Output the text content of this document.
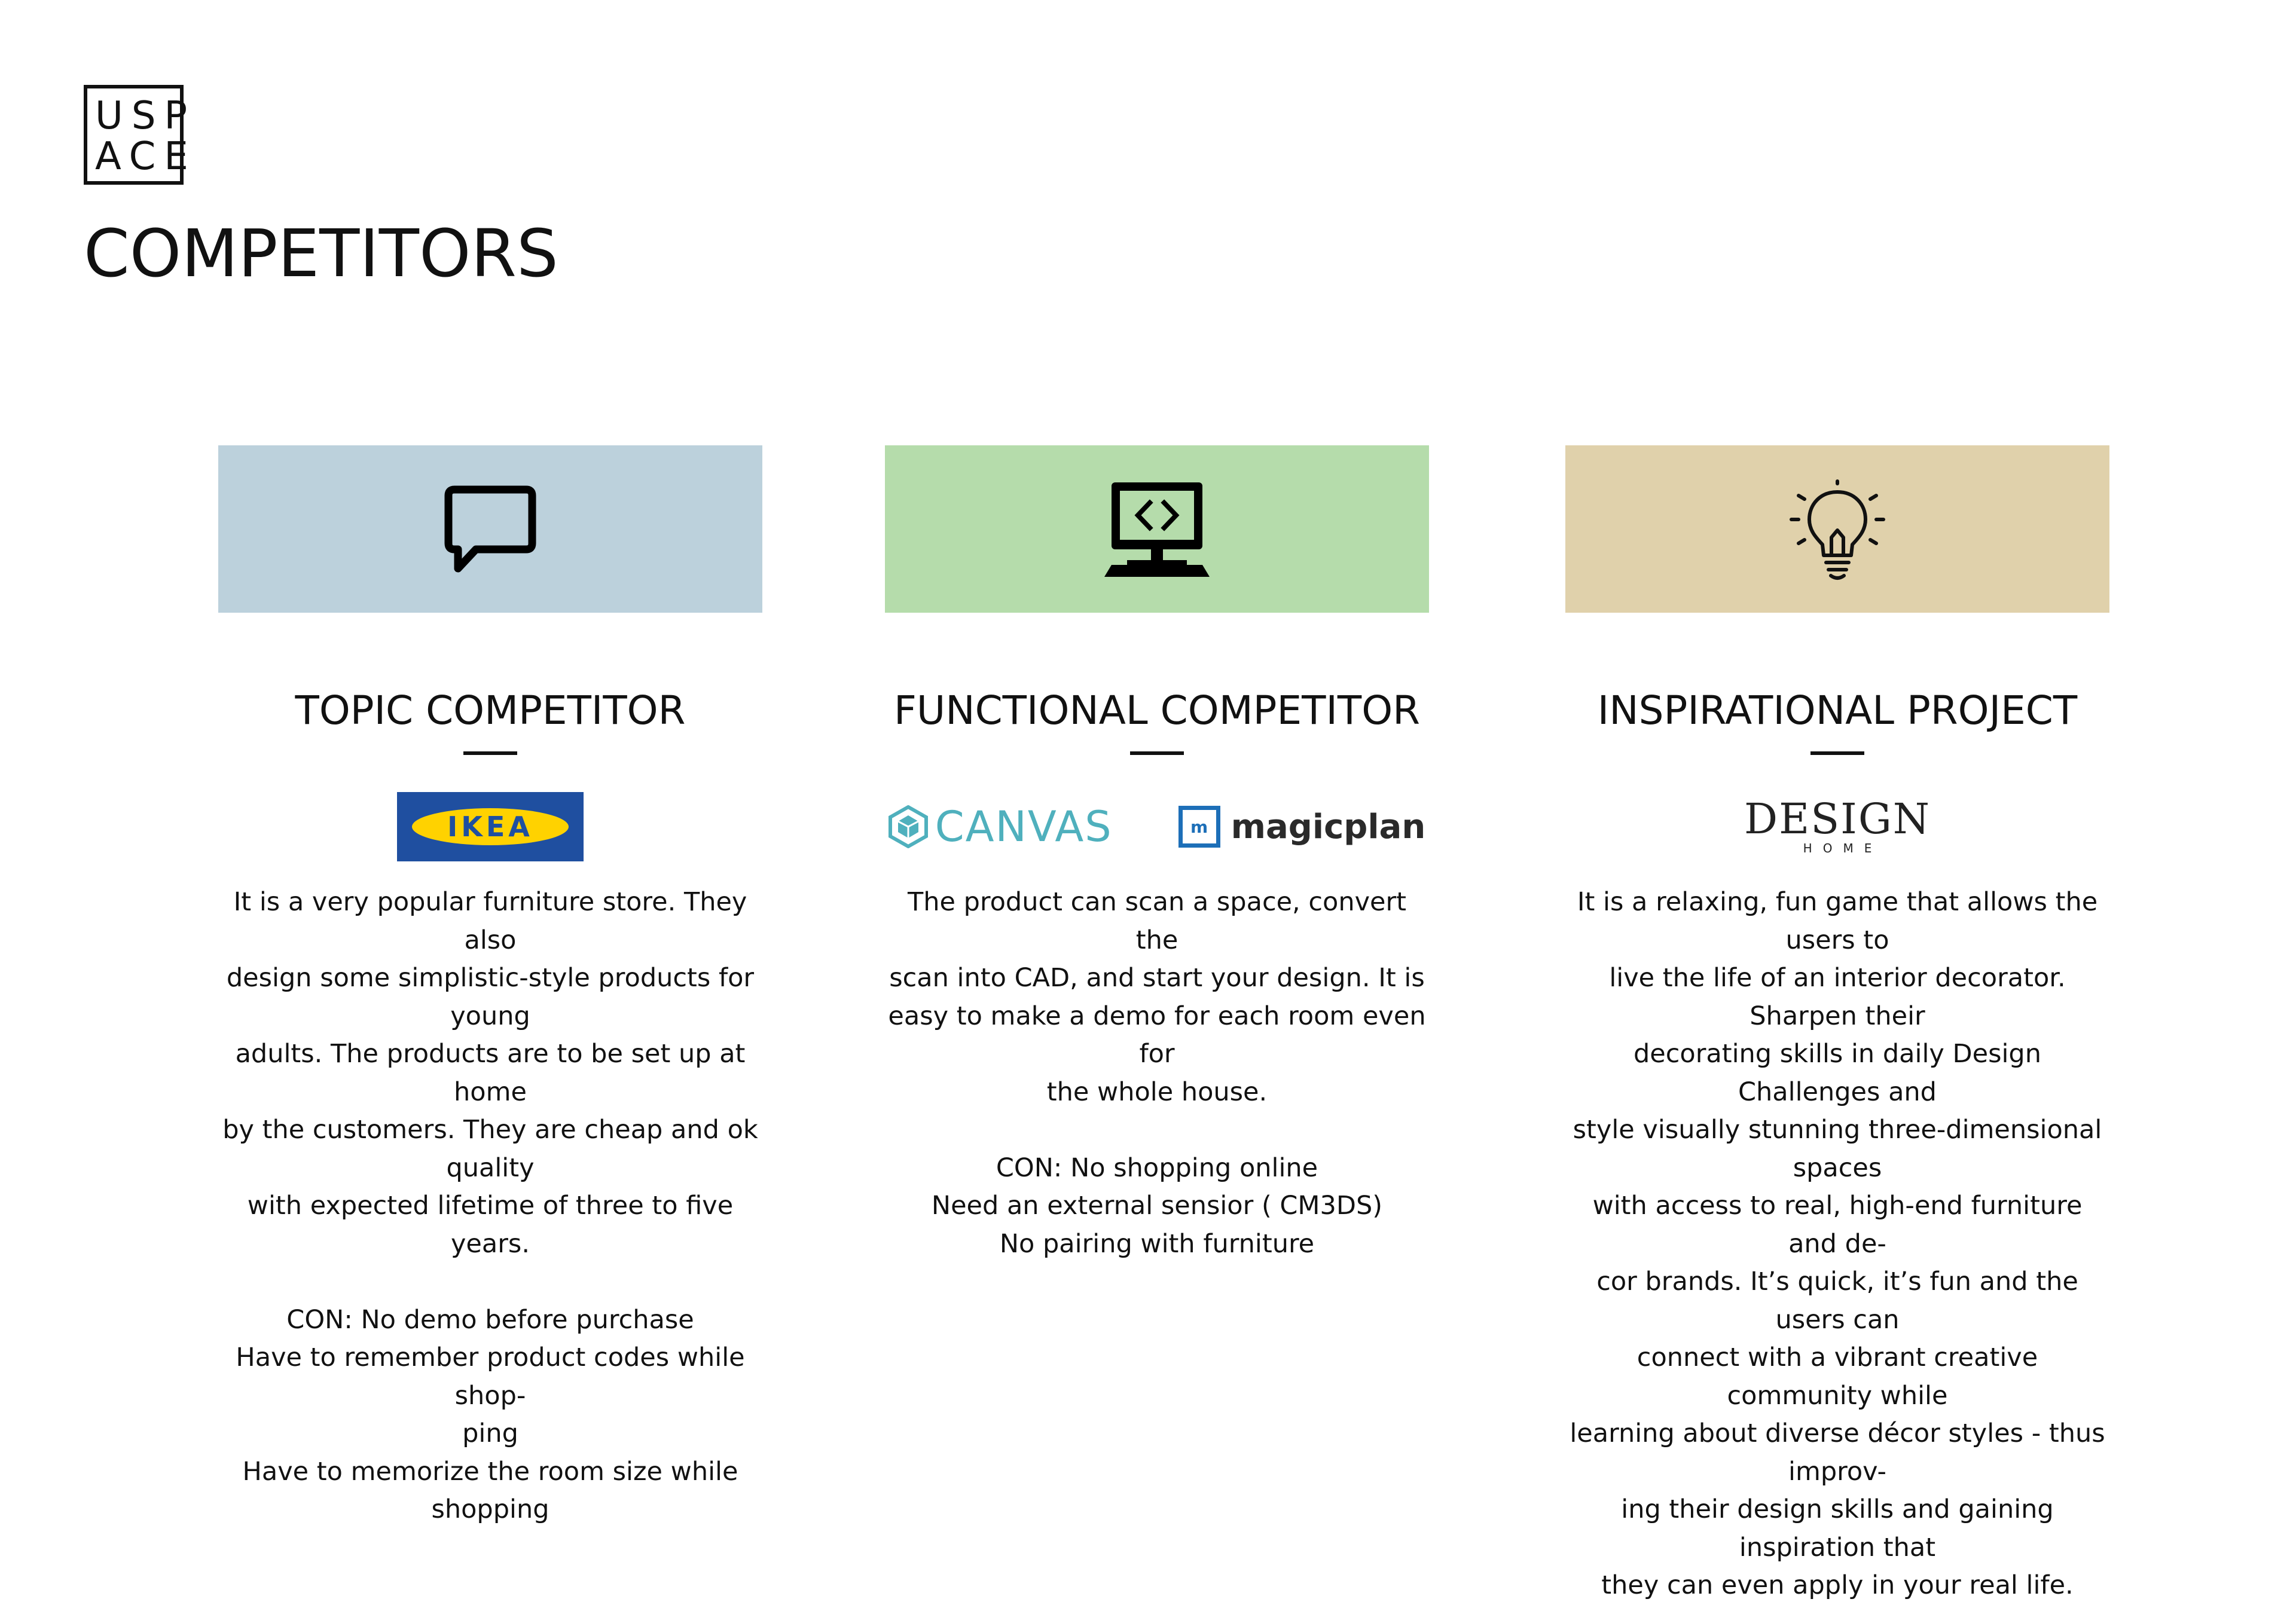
USP
ACE
COMPETITORS
TOPIC COMPETITOR
IKEA

It is a very popular furniture store. They also

design some simplistic-style products for young

adults. The products are to be set up at home

by the customers. They are cheap and ok quality

with expected lifetime of three to five years.

CON: No demo before purchase

Have to remember product codes while shop-

ping

Have to memorize the room size while shopping

FUNCTIONAL COMPETITOR
CANVAS	m magicplan

The product can scan a space, convert the

scan into CAD, and start your design. It is

easy to make a demo for each room even for

the whole house.

CON: No shopping online

Need an external sensior ( CM3DS)

No pairing with furniture

INSPIRATIONAL PROJECT
DESIGN
HOME

It is a relaxing, fun game that allows the users to

live the life of an interior decorator. Sharpen their

decorating skills in daily Design Challenges and

style visually stunning three-dimensional spaces

with access to real, high-end furniture and de-

cor brands. It’s quick, it’s fun and the users can

connect with a vibrant creative community while

learning about diverse décor styles - thus improv-

ing their design skills and gaining inspiration that

they can even apply in your real life.
